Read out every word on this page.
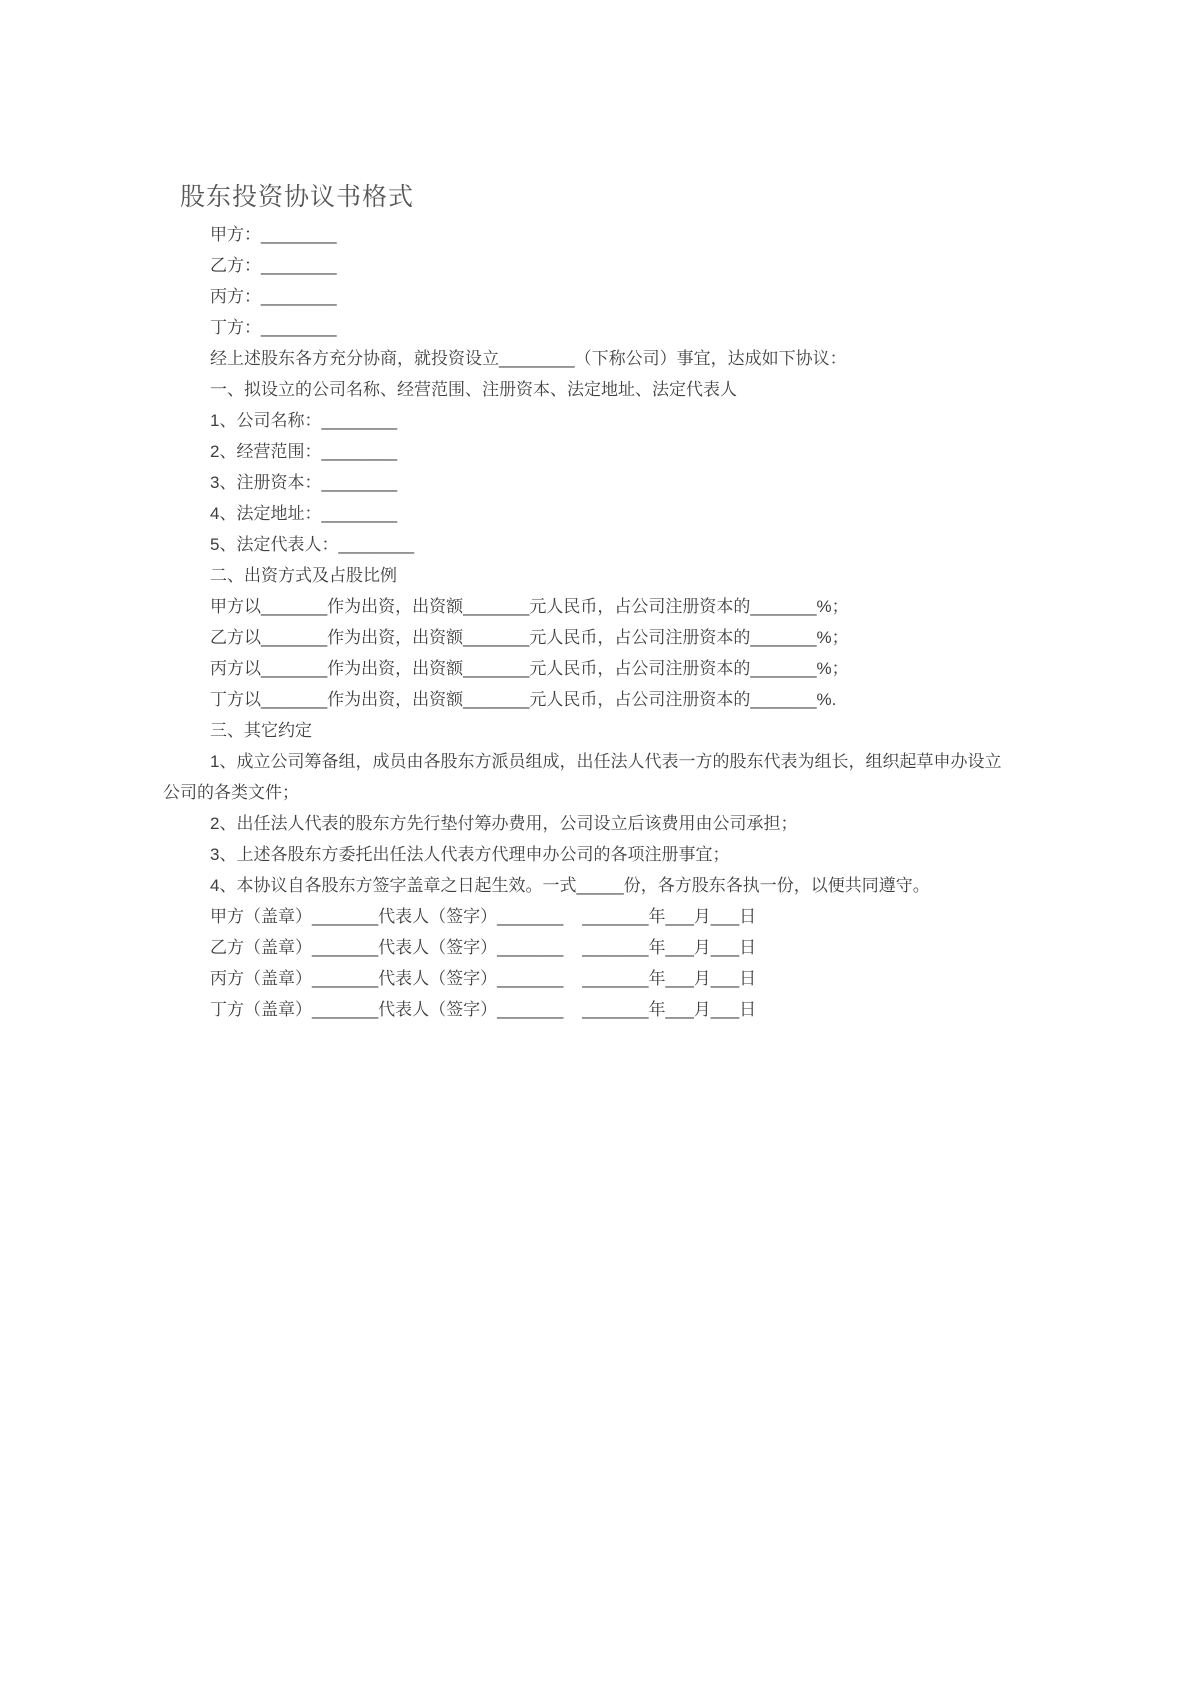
股东投资协议书格式

甲方：________

乙方：________

丙方：________

丁方：________

经上述股东各方充分协商，就投资设立________（下称公司）事宜，达成如下协议：

一、拟设立的公司名称、经营范围、注册资本、法定地址、法定代表人

1、公司名称：________

2、经营范围：________

3、注册资本：________

4、法定地址：________

5、法定代表人：________

二、出资方式及占股比例

甲方以_______作为出资，出资额_______元人民币，占公司注册资本的_______%；

乙方以_______作为出资，出资额_______元人民币，占公司注册资本的_______%；

丙方以_______作为出资，出资额_______元人民币，占公司注册资本的_______%；

丁方以_______作为出资，出资额_______元人民币，占公司注册资本的_______%.

三、其它约定

1、成立公司筹备组，成员由各股东方派员组成，出任法人代表一方的股东代表为组长，组织起草申办设立公司的各类文件；

2、出任法人代表的股东方先行垫付筹办费用，公司设立后该费用由公司承担；

3、上述各股东方委托出任法人代表方代理申办公司的各项注册事宜；

4、本协议自各股东方签字盖章之日起生效。一式_____份，各方股东各执一份，以便共同遵守。

甲方（盖章）_______代表人（签字）_______    _______年___月___日

乙方（盖章）_______代表人（签字）_______    _______年___月___日

丙方（盖章）_______代表人（签字）_______    _______年___月___日

丁方（盖章）_______代表人（签字）_______    _______年___月___日
